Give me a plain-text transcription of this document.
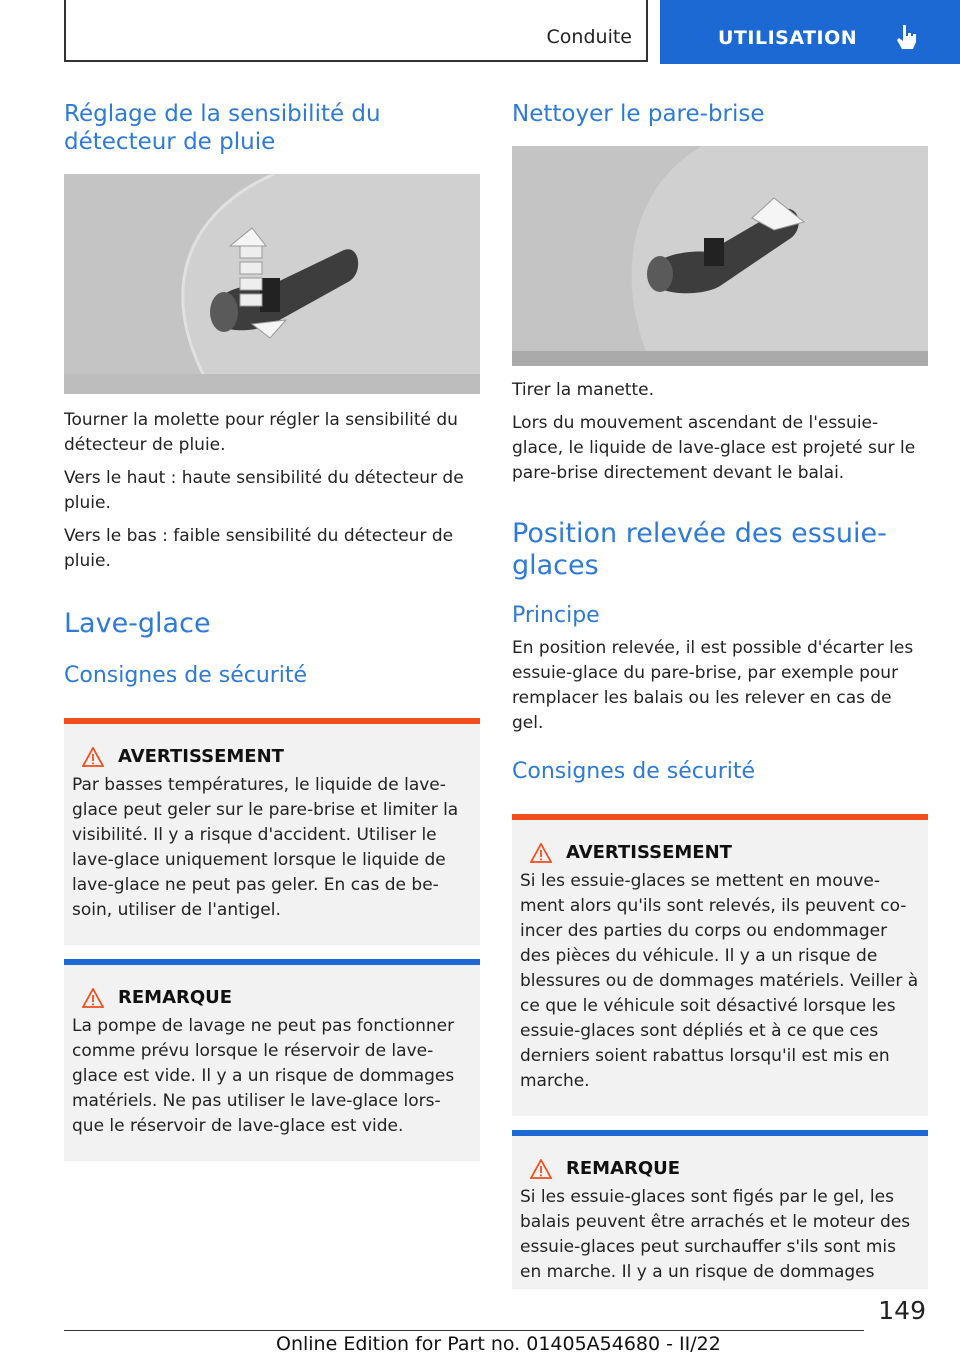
Conduite	UTILISATION
Réglage de la sensibilité du détecteur de pluie

Tourner la molette pour régler la sensibilité du détecteur de pluie.

Vers le haut : haute sensibilité du détecteur de pluie.

Vers le bas : faible sensibilité du détecteur de pluie.

Lave-glace
Consignes de sécurité
AVERTISSEMENT

Par basses températures, le liquide de lave-glace peut geler sur le pare-brise et limiter la visibilité. Il y a risque d'accident. Utiliser le lave-glace uniquement lorsque le liquide de lave-glace ne peut pas geler. En cas de be-soin, utiliser de l'antigel.

REMARQUE

La pompe de lavage ne peut pas fonctionner comme prévu lorsque le réservoir de lave-glace est vide. Il y a un risque de dommages matériels. Ne pas utiliser le lave-glace lors-que le réservoir de lave-glace est vide.

Nettoyer le pare-brise

Tirer la manette.

Lors du mouvement ascendant de l'essuie-glace, le liquide de lave-glace est projeté sur le pare-brise directement devant le balai.

Position relevée des essuie-glaces
Principe

En position relevée, il est possible d'écarter les essuie-glace du pare-brise, par exemple pour remplacer les balais ou les relever en cas de gel.

Consignes de sécurité
AVERTISSEMENT

Si les essuie-glaces se mettent en mouve-ment alors qu'ils sont relevés, ils peuvent co-incer des parties du corps ou endommager des pièces du véhicule. Il y a un risque de blessures ou de dommages matériels. Veiller à ce que le véhicule soit désactivé lorsque les essuie-glaces sont dépliés et à ce que ces derniers soient rabattus lorsqu'il est mis en marche.

REMARQUE

Si les essuie-glaces sont figés par le gel, les balais peuvent être arrachés et le moteur des essuie-glaces peut surchauffer s'ils sont mis en marche. Il y a un risque de dommages

149
Online Edition for Part no. 01405A54680 - II/22
